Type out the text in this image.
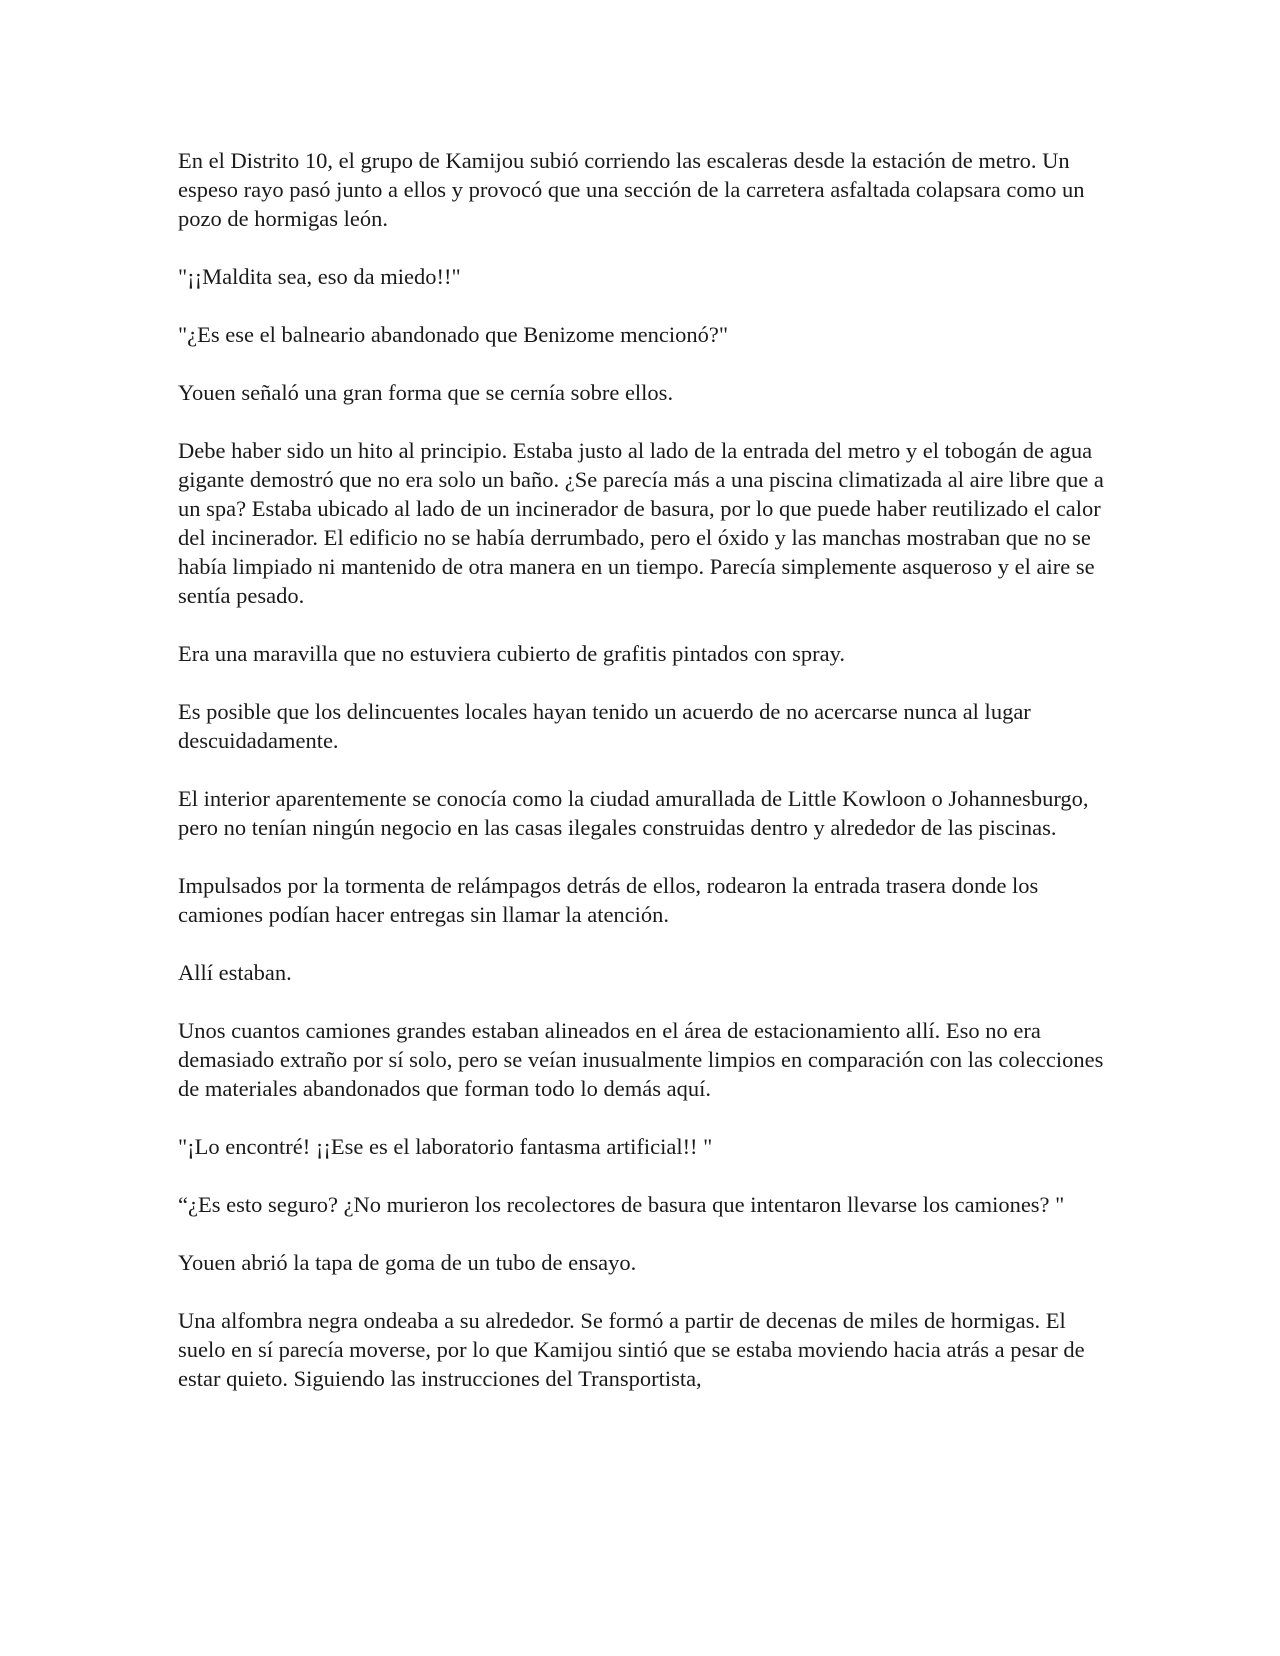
En el Distrito 10, el grupo de Kamijou subió corriendo las escaleras desde la estación de metro. Un espeso rayo pasó junto a ellos y provocó que una sección de la carretera asfaltada colapsara como un pozo de hormigas león.

"¡¡Maldita sea, eso da miedo!!"

"¿Es ese el balneario abandonado que Benizome mencionó?"

Youen señaló una gran forma que se cernía sobre ellos.

Debe haber sido un hito al principio. Estaba justo al lado de la entrada del metro y el tobogán de agua gigante demostró que no era solo un baño. ¿Se parecía más a una piscina climatizada al aire libre que a un spa? Estaba ubicado al lado de un incinerador de basura, por lo que puede haber reutilizado el calor del incinerador. El edificio no se había derrumbado, pero el óxido y las manchas mostraban que no se había limpiado ni mantenido de otra manera en un tiempo. Parecía simplemente asqueroso y el aire se sentía pesado.

Era una maravilla que no estuviera cubierto de grafitis pintados con spray.

Es posible que los delincuentes locales hayan tenido un acuerdo de no acercarse nunca al lugar descuidadamente.

El interior aparentemente se conocía como la ciudad amurallada de Little Kowloon o Johannesburgo, pero no tenían ningún negocio en las casas ilegales construidas dentro y alrededor de las piscinas.

Impulsados por la tormenta de relámpagos detrás de ellos, rodearon la entrada trasera donde los camiones podían hacer entregas sin llamar la atención.

Allí estaban.

Unos cuantos camiones grandes estaban alineados en el área de estacionamiento allí. Eso no era demasiado extraño por sí solo, pero se veían inusualmente limpios en comparación con las colecciones de materiales abandonados que forman todo lo demás aquí.

"¡Lo encontré! ¡¡Ese es el laboratorio fantasma artificial!! "

“¿Es esto seguro? ¿No murieron los recolectores de basura que intentaron llevarse los camiones? "

Youen abrió la tapa de goma de un tubo de ensayo.

Una alfombra negra ondeaba a su alrededor. Se formó a partir de decenas de miles de hormigas. El suelo en sí parecía moverse, por lo que Kamijou sintió que se estaba moviendo hacia atrás a pesar de estar quieto. Siguiendo las instrucciones del Transportista,
